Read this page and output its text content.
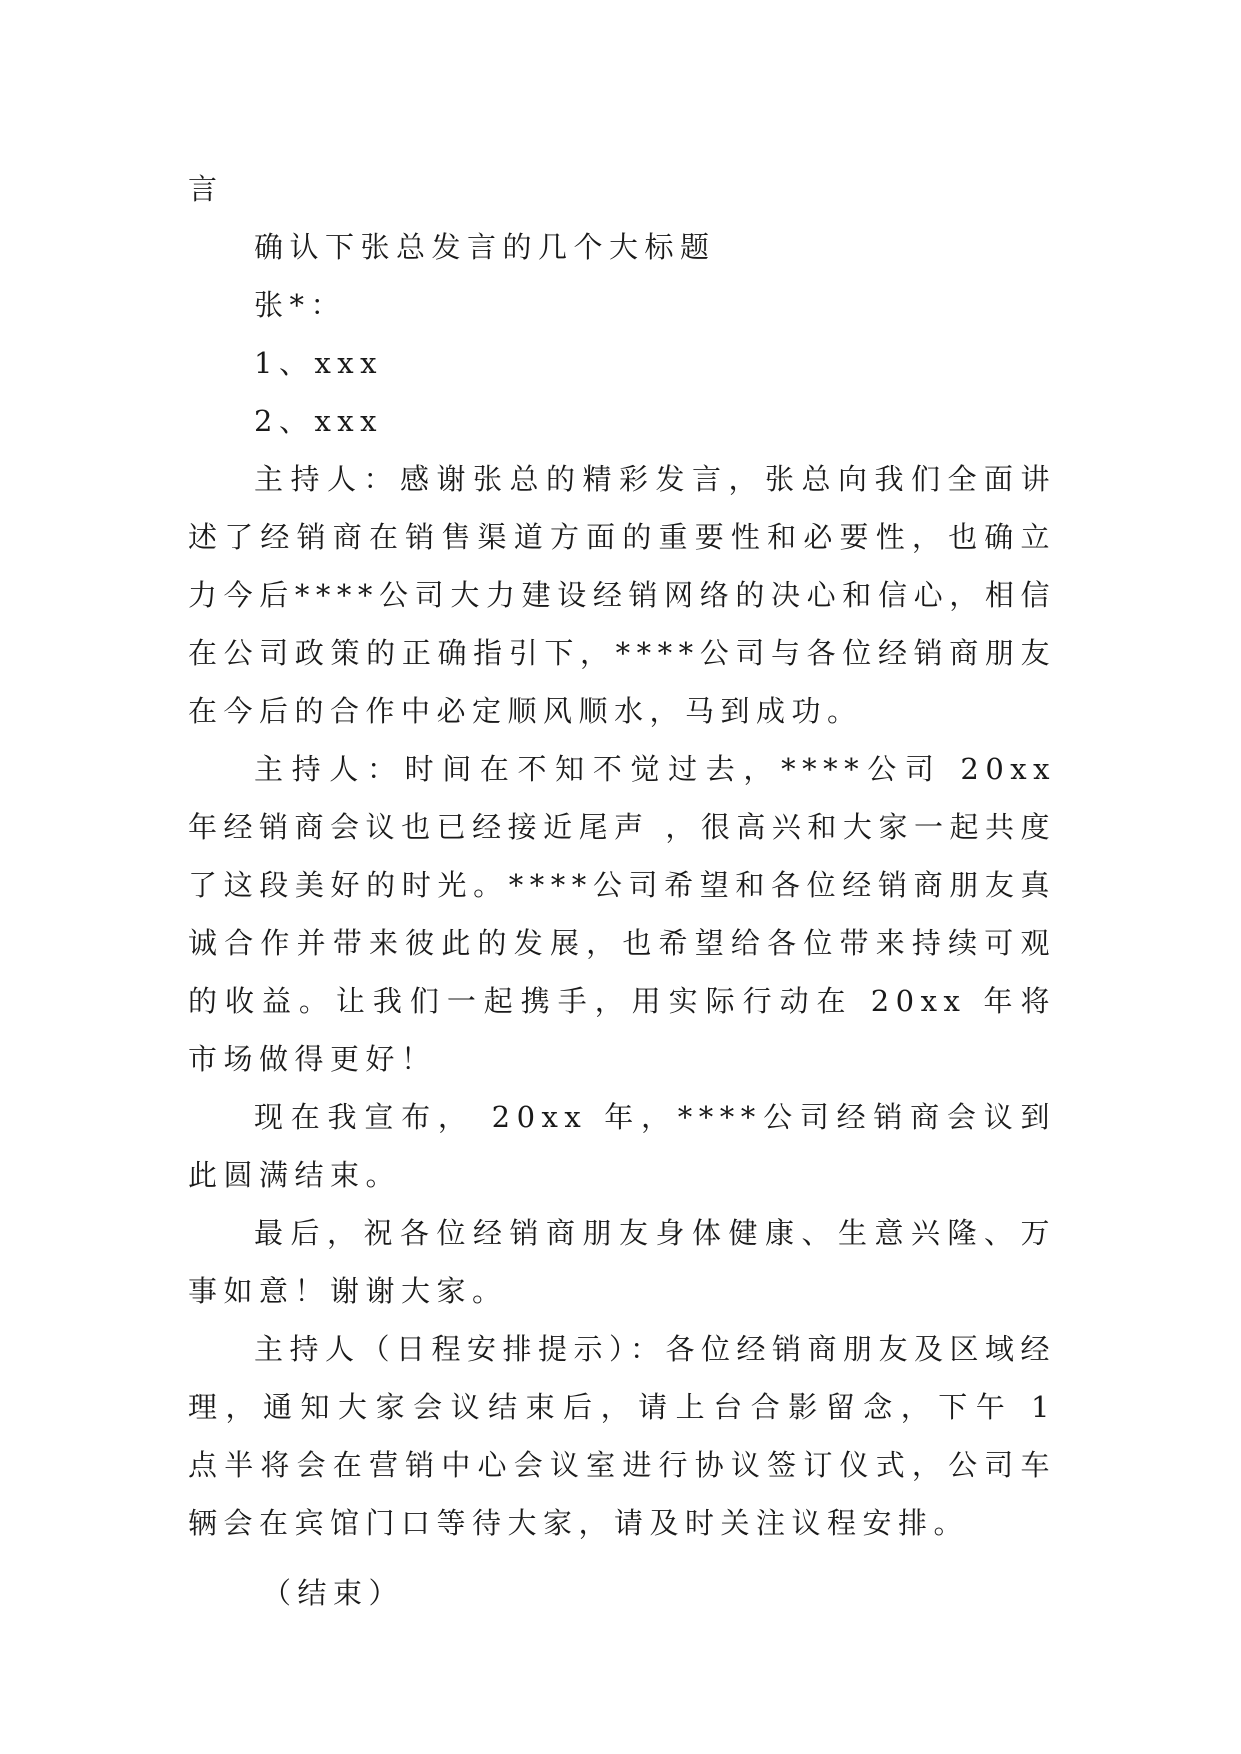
言

确认下张总发言的几个大标题

张*：

1、xxx

2、xxx

主持人：感谢张总的精彩发言，张总向我们全面讲述了经销商在销售渠道方面的重要性和必要性，也确立力今后****公司大力建设经销网络的决心和信心，相信在公司政策的正确指引下，****公司与各位经销商朋友在今后的合作中必定顺风顺水，马到成功。

主持人：时间在不知不觉过去，****公司 20xx 年经销商会议也已经接近尾声 ，很高兴和大家一起共度了这段美好的时光。****公司希望和各位经销商朋友真诚合作并带来彼此的发展，也希望给各位带来持续可观的收益。让我们一起携手，用实际行动在 20xx 年将市场做得更好！

现在我宣布， 20xx 年，****公司经销商会议到此圆满结束。

最后，祝各位经销商朋友身体健康、生意兴隆、万事如意！谢谢大家。

主持人（日程安排提示）：各位经销商朋友及区域经理，通知大家会议结束后，请上台合影留念，下午 1 点半将会在营销中心会议室进行协议签订仪式，公司车辆会在宾馆门口等待大家，请及时关注议程安排。

（结束）
